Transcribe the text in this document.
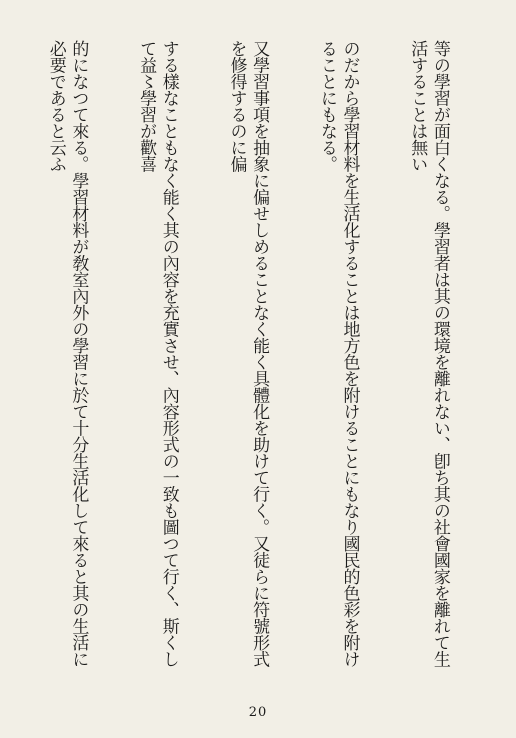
等の學習が面白くなる。學習者は其の環境を離れない、卽ち其の社會國家を離れて生活することは無い

のだから學習材料を生活化することは地方色を附けることにもなり國民的色彩を附けることにもなる。

又學習事項を抽象に偏せしめることなく能く具體化を助けて行く。又徒らに符號形式を修得するのに偏

する樣なこともなく能く其の內容を充實させ、內容形式の一致も圖つて行く、斯くして益〻學習が歡喜

的になつて來る。學習材料が敎室內外の學習に於て十分生活化して來ると其の生活に必要であると云ふ

20
